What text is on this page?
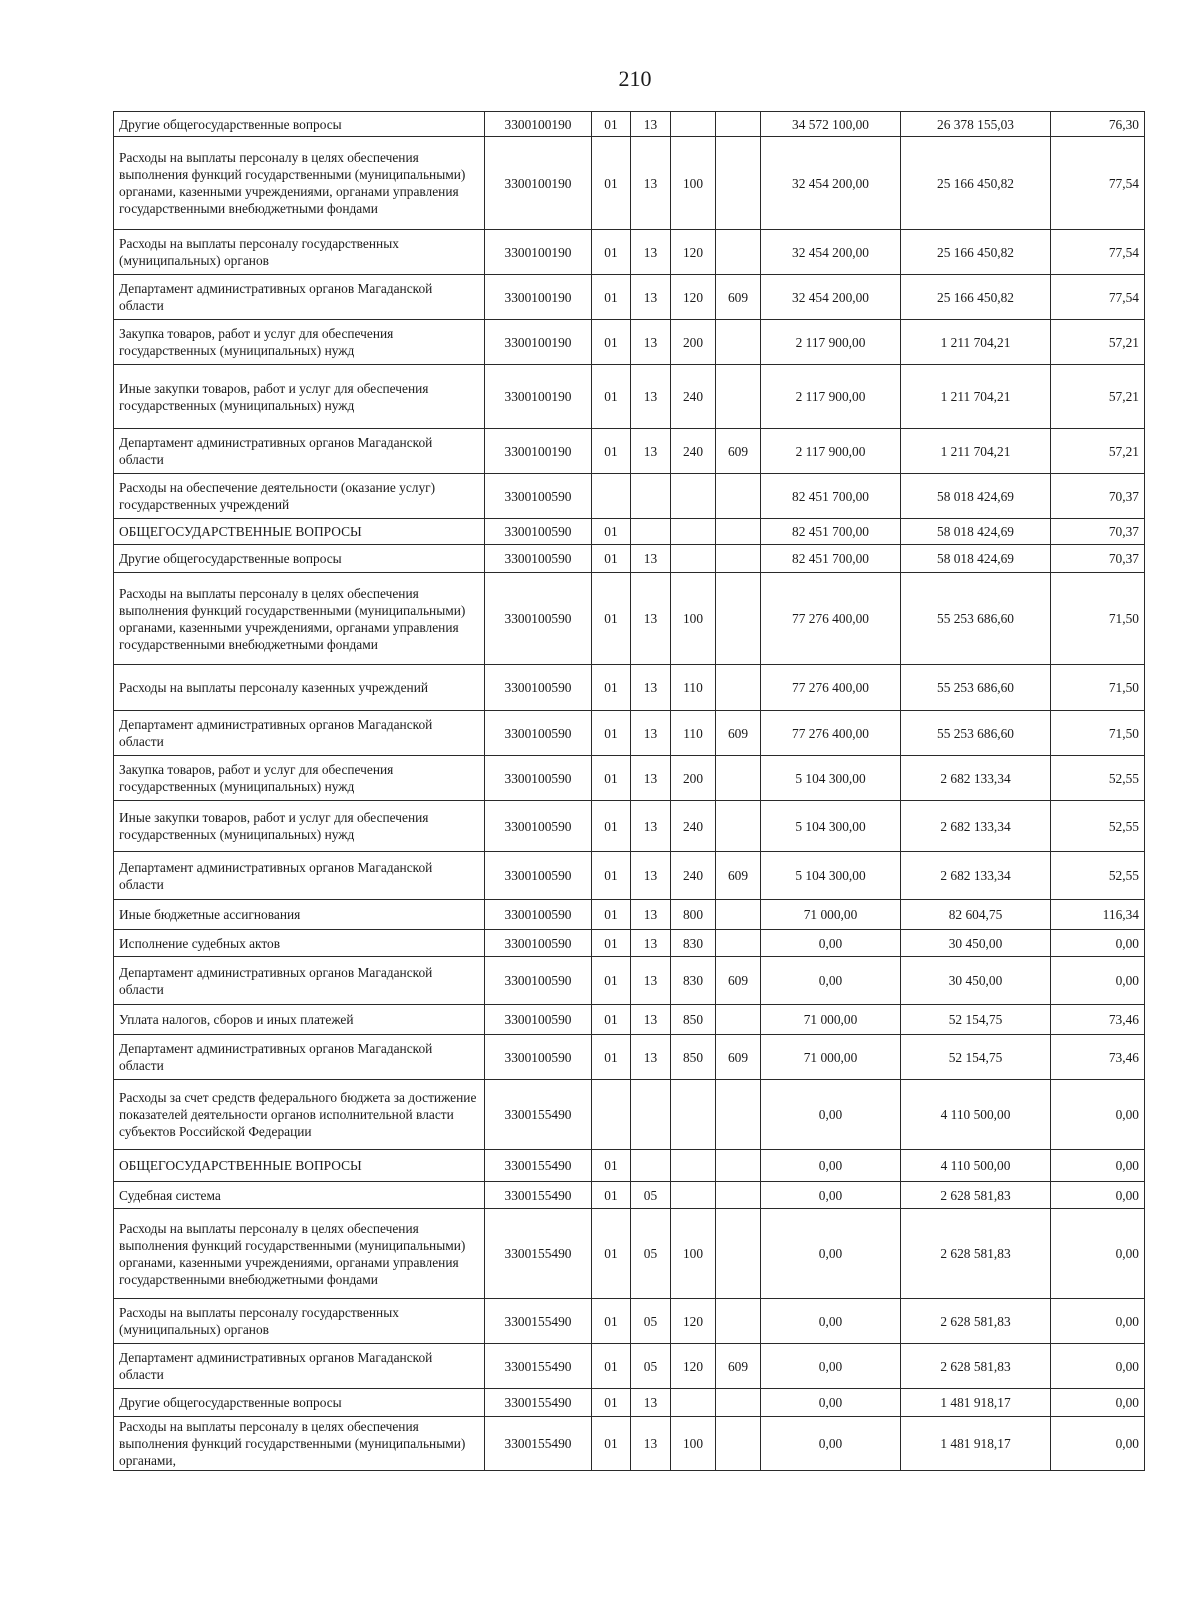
210
Другие общегосударственные вопросы	3300100190	01	13			34 572 100,00	26 378 155,03	76,30
Расходы на выплаты персоналу в целях обеспечения выполнения функций государственными (муниципальными) органами, казенными учреждениями, органами управления государственными внебюджетными фондами	3300100190	01	13	100		32 454 200,00	25 166 450,82	77,54
Расходы на выплаты персоналу государственных (муниципальных) органов	3300100190	01	13	120		32 454 200,00	25 166 450,82	77,54
Департамент административных органов Магаданской области	3300100190	01	13	120	609	32 454 200,00	25 166 450,82	77,54
Закупка товаров, работ и услуг для обеспечения государственных (муниципальных) нужд	3300100190	01	13	200		2 117 900,00	1 211 704,21	57,21
Иные закупки товаров, работ и услуг для обеспечения государственных (муниципальных) нужд	3300100190	01	13	240		2 117 900,00	1 211 704,21	57,21
Департамент административных органов Магаданской области	3300100190	01	13	240	609	2 117 900,00	1 211 704,21	57,21
Расходы на обеспечение деятельности (оказание услуг) государственных учреждений	3300100590					82 451 700,00	58 018 424,69	70,37
ОБЩЕГОСУДАРСТВЕННЫЕ ВОПРОСЫ	3300100590	01				82 451 700,00	58 018 424,69	70,37
Другие общегосударственные вопросы	3300100590	01	13			82 451 700,00	58 018 424,69	70,37
Расходы на выплаты персоналу в целях обеспечения выполнения функций государственными (муниципальными) органами, казенными учреждениями, органами управления государственными внебюджетными фондами	3300100590	01	13	100		77 276 400,00	55 253 686,60	71,50
Расходы на выплаты персоналу казенных учреждений	3300100590	01	13	110		77 276 400,00	55 253 686,60	71,50
Департамент административных органов Магаданской области	3300100590	01	13	110	609	77 276 400,00	55 253 686,60	71,50
Закупка товаров, работ и услуг для обеспечения государственных (муниципальных) нужд	3300100590	01	13	200		5 104 300,00	2 682 133,34	52,55
Иные закупки товаров, работ и услуг для обеспечения государственных (муниципальных) нужд	3300100590	01	13	240		5 104 300,00	2 682 133,34	52,55
Департамент административных органов Магаданской области	3300100590	01	13	240	609	5 104 300,00	2 682 133,34	52,55
Иные бюджетные ассигнования	3300100590	01	13	800		71 000,00	82 604,75	116,34
Исполнение судебных актов	3300100590	01	13	830		0,00	30 450,00	0,00
Департамент административных органов Магаданской области	3300100590	01	13	830	609	0,00	30 450,00	0,00
Уплата налогов, сборов и иных платежей	3300100590	01	13	850		71 000,00	52 154,75	73,46
Департамент административных органов Магаданской области	3300100590	01	13	850	609	71 000,00	52 154,75	73,46
Расходы за счет средств федерального бюджета за достижение показателей деятельности органов исполнительной власти субъектов Российской Федерации	3300155490					0,00	4 110 500,00	0,00
ОБЩЕГОСУДАРСТВЕННЫЕ ВОПРОСЫ	3300155490	01				0,00	4 110 500,00	0,00
Судебная система	3300155490	01	05			0,00	2 628 581,83	0,00
Расходы на выплаты персоналу в целях обеспечения выполнения функций государственными (муниципальными) органами, казенными учреждениями, органами управления государственными внебюджетными фондами	3300155490	01	05	100		0,00	2 628 581,83	0,00
Расходы на выплаты персоналу государственных (муниципальных) органов	3300155490	01	05	120		0,00	2 628 581,83	0,00
Департамент административных органов Магаданской области	3300155490	01	05	120	609	0,00	2 628 581,83	0,00
Другие общегосударственные вопросы	3300155490	01	13			0,00	1 481 918,17	0,00
Расходы на выплаты персоналу в целях обеспечения выполнения функций государственными (муниципальными) органами,	3300155490	01	13	100		0,00	1 481 918,17	0,00
